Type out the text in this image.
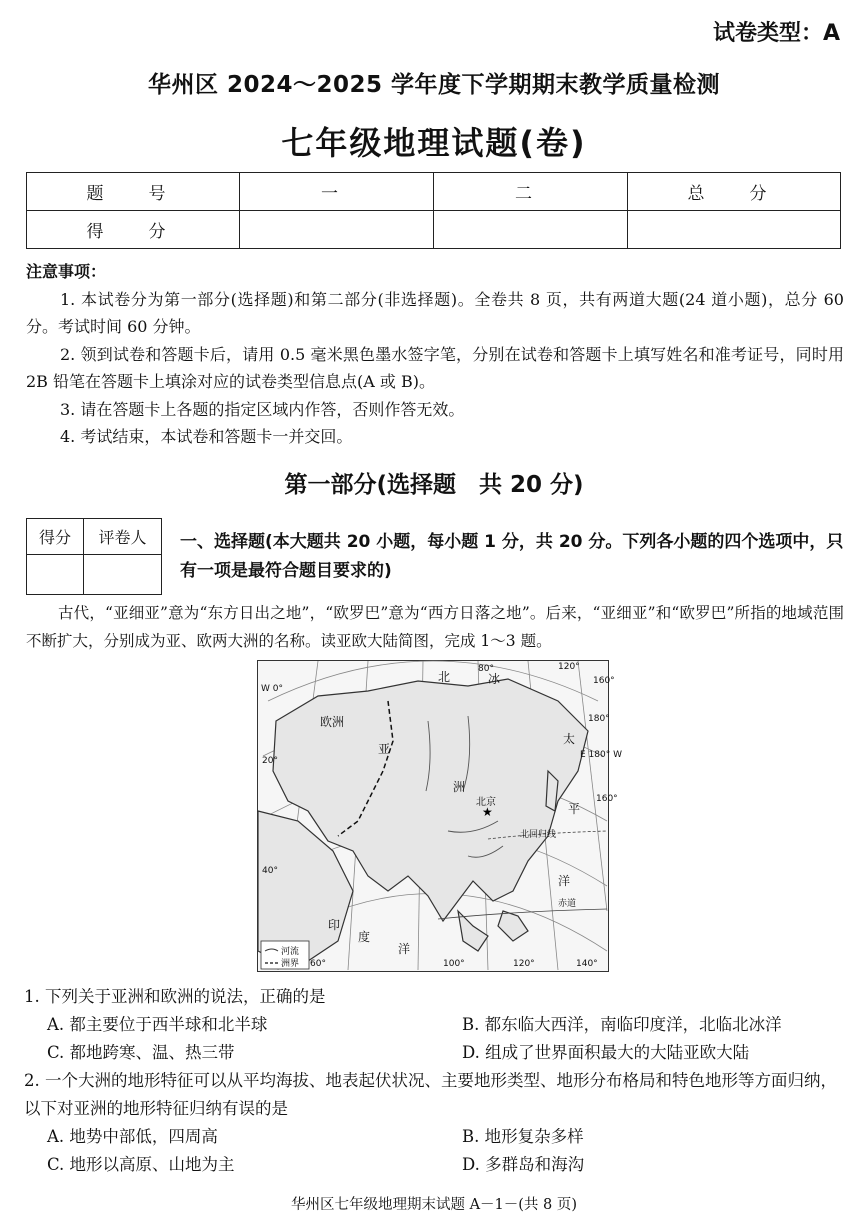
试卷类型：A
华州区 2024～2025 学年度下学期期末教学质量检测
七年级地理试题(卷)
题　号	一	二	总　分
得　分			
注意事项：

1. 本试卷分为第一部分(选择题)和第二部分(非选择题)。全卷共 8 页，共有两道大题(24 道小题)，总分 60 分。考试时间 60 分钟。

2. 领到试卷和答题卡后，请用 0.5 毫米黑色墨水签字笔，分别在试卷和答题卡上填写姓名和准考证号，同时用 2B 铅笔在答题卡上填涂对应的试卷类型信息点(A 或 B)。

3. 请在答题卡上各题的指定区域内作答，否则作答无效。

4. 考试结束，本试卷和答题卡一并交回。

第一部分(选择题　共 20 分)
得分	评卷人
	一、选择题(本大题共 20 小题，每小题 1 分，共 20 分。下列各小题的四个选项中，只有一项是最符合题目要求的)
古代，“亚细亚”意为“东方日出之地”，“欧罗巴”意为“西方日落之地”。后来，“亚细亚”和“欧罗巴”所指的地域范围不断扩大，分别成为亚、欧两大洲的名称。读亚欧大陆简图，完成 1～3 题。
★
欧洲
亚
洲
北京
太
平
洋
印
度
洋
北	冰
北回归线
赤道
80°	120°
160°
160°
140°
120°
100°
60°
40°
20°
W 0°
E 180° W
180°
河流
洲界
1. 下列关于亚洲和欧洲的说法，正确的是
A. 都主要位于西半球和北半球	B. 都东临大西洋，南临印度洋，北临北冰洋
C. 都地跨寒、温、热三带	D. 组成了世界面积最大的大陆亚欧大陆
2. 一个大洲的地形特征可以从平均海拔、地表起伏状况、主要地形类型、地形分布格局和特色地形等方面归纳，以下对亚洲的地形特征归纳有误的是
A. 地势中部低，四周高	B. 地形复杂多样
C. 地形以高原、山地为主	D. 多群岛和海沟
华州区七年级地理期末试题 A－1－(共 8 页)
